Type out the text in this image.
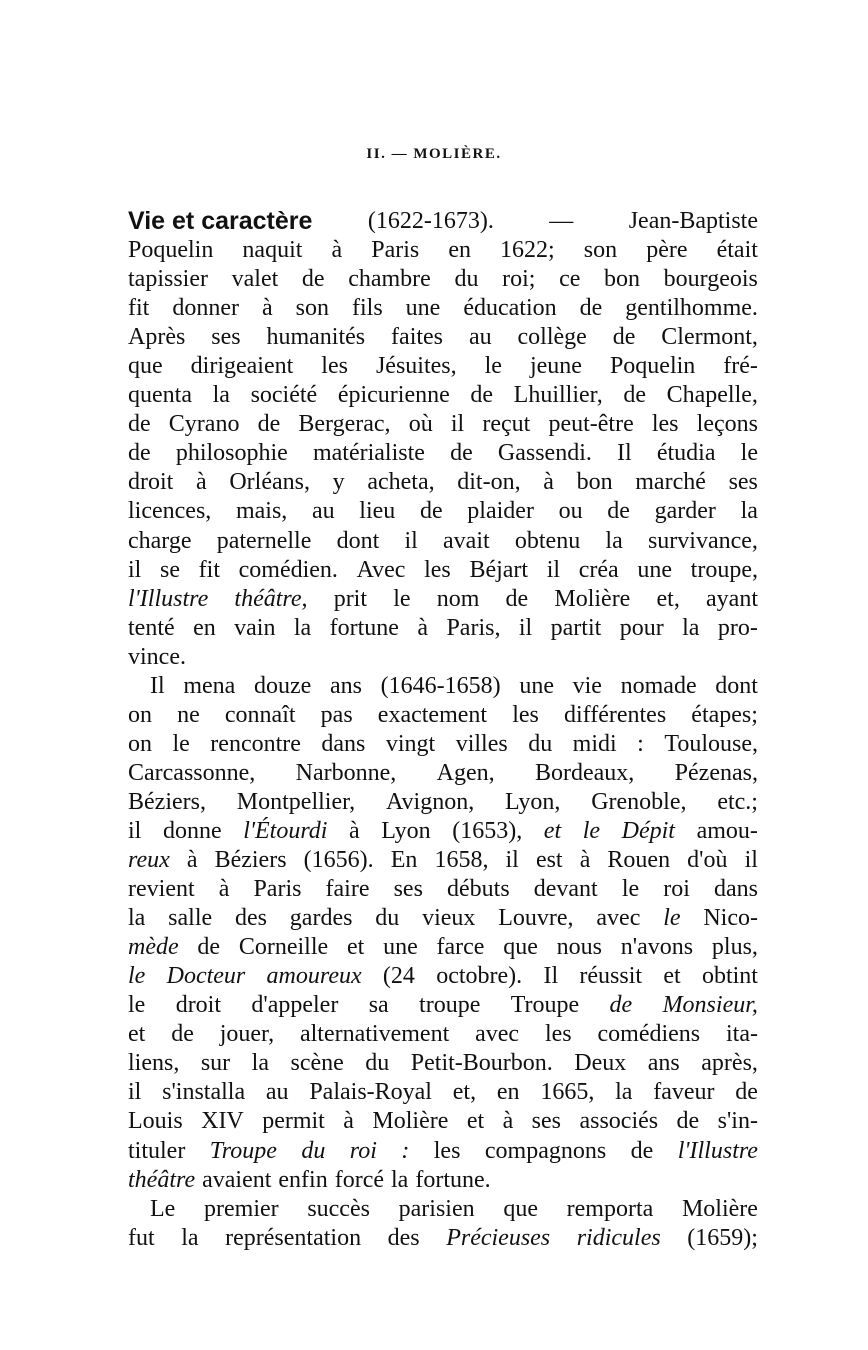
II. — MOLIÈRE.
Vie et caractère (1622-1673). — Jean-Baptiste
Poquelin naquit à Paris en 1622; son père était
tapissier valet de chambre du roi; ce bon bourgeois
fit donner à son fils une éducation de gentilhomme.
Après ses humanités faites au collège de Clermont,
que dirigeaient les Jésuites, le jeune Poquelin fré-
quenta la société épicurienne de Lhuillier, de Chapelle,
de Cyrano de Bergerac, où il reçut peut-être les leçons
de philosophie matérialiste de Gassendi. Il étudia le
droit à Orléans, y acheta, dit-on, à bon marché ses
licences, mais, au lieu de plaider ou de garder la
charge paternelle dont il avait obtenu la survivance,
il se fit comédien. Avec les Béjart il créa une troupe,
l'Illustre théâtre, prit le nom de Molière et, ayant
tenté en vain la fortune à Paris, il partit pour la pro-
vince.
Il mena douze ans (1646-1658) une vie nomade dont
on ne connaît pas exactement les différentes étapes;
on le rencontre dans vingt villes du midi : Toulouse,
Carcassonne, Narbonne, Agen, Bordeaux, Pézenas,
Béziers, Montpellier, Avignon, Lyon, Grenoble, etc.;
il donne l'Étourdi à Lyon (1653), et le Dépit amou-
reux à Béziers (1656). En 1658, il est à Rouen d'où il
revient à Paris faire ses débuts devant le roi dans
la salle des gardes du vieux Louvre, avec le Nico-
mède de Corneille et une farce que nous n'avons plus,
le Docteur amoureux (24 octobre). Il réussit et obtint
le droit d'appeler sa troupe Troupe de Monsieur,
et de jouer, alternativement avec les comédiens ita-
liens, sur la scène du Petit-Bourbon. Deux ans après,
il s'installa au Palais-Royal et, en 1665, la faveur de
Louis XIV permit à Molière et à ses associés de s'in-
tituler Troupe du roi : les compagnons de l'Illustre
théâtre avaient enfin forcé la fortune.
Le premier succès parisien que remporta Molière
fut la représentation des Précieuses ridicules (1659);
